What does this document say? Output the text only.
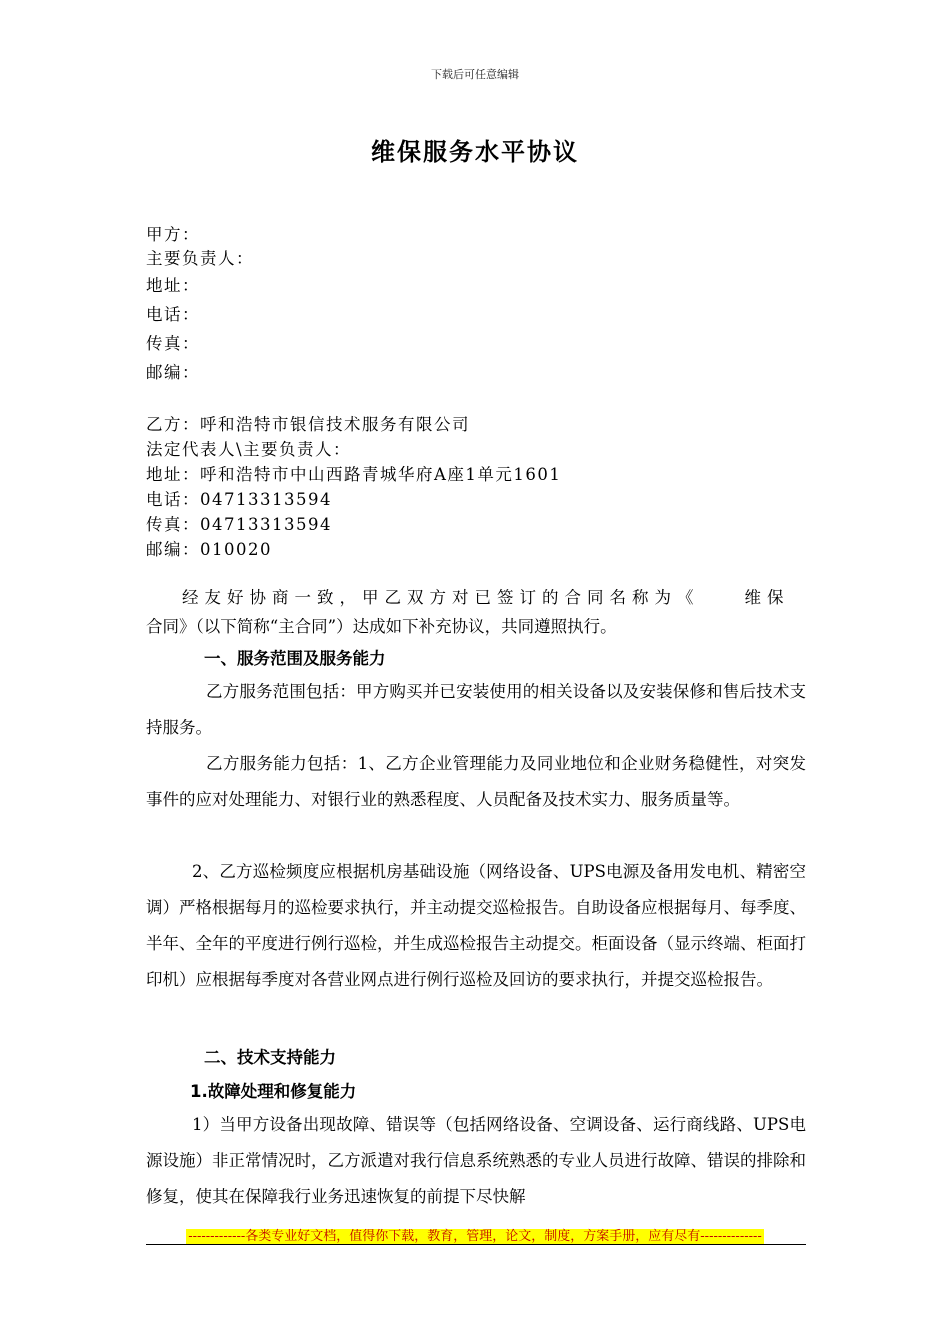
下载后可任意编辑
维保服务水平协议
甲方：
主要负责人：
地址：
电话：
传真：
邮编：
乙方：呼和浩特市银信技术服务有限公司
法定代表人\主要负责人：
地址：呼和浩特市中山西路青城华府A座1单元1601
电话：04713313594
传真：04713313594
邮编：010020
经友好协商一致，甲乙双方对已签订的合同名称为《　　维保
合同》（以下简称“主合同”）达成如下补充协议，共同遵照执行。
一、服务范围及服务能力
乙方服务范围包括：甲方购买并已安装使用的相关设备以及安装保修和售后技术支持服务。
乙方服务能力包括：1、乙方企业管理能力及同业地位和企业财务稳健性，对突发事件的应对处理能力、对银行业的熟悉程度、人员配备及技术实力、服务质量等。
2、乙方巡检频度应根据机房基础设施（网络设备、UPS电源及备用发电机、精密空调）严格根据每月的巡检要求执行，并主动提交巡检报告。自助设备应根据每月、每季度、半年、全年的平度进行例行巡检，并生成巡检报告主动提交。柜面设备（显示终端、柜面打印机）应根据每季度对各营业网点进行例行巡检及回访的要求执行，并提交巡检报告。
二、技术支持能力
1.故障处理和修复能力
1）当甲方设备出现故障、错误等（包括网络设备、空调设备、运行商线路、UPS电源设施）非正常情况时，乙方派遣对我行信息系统熟悉的专业人员进行故障、错误的排除和修复，使其在保障我行业务迅速恢复的前提下尽快解
-------------各类专业好文档，值得你下载，教育，管理，论文，制度，方案手册，应有尽有--------------
